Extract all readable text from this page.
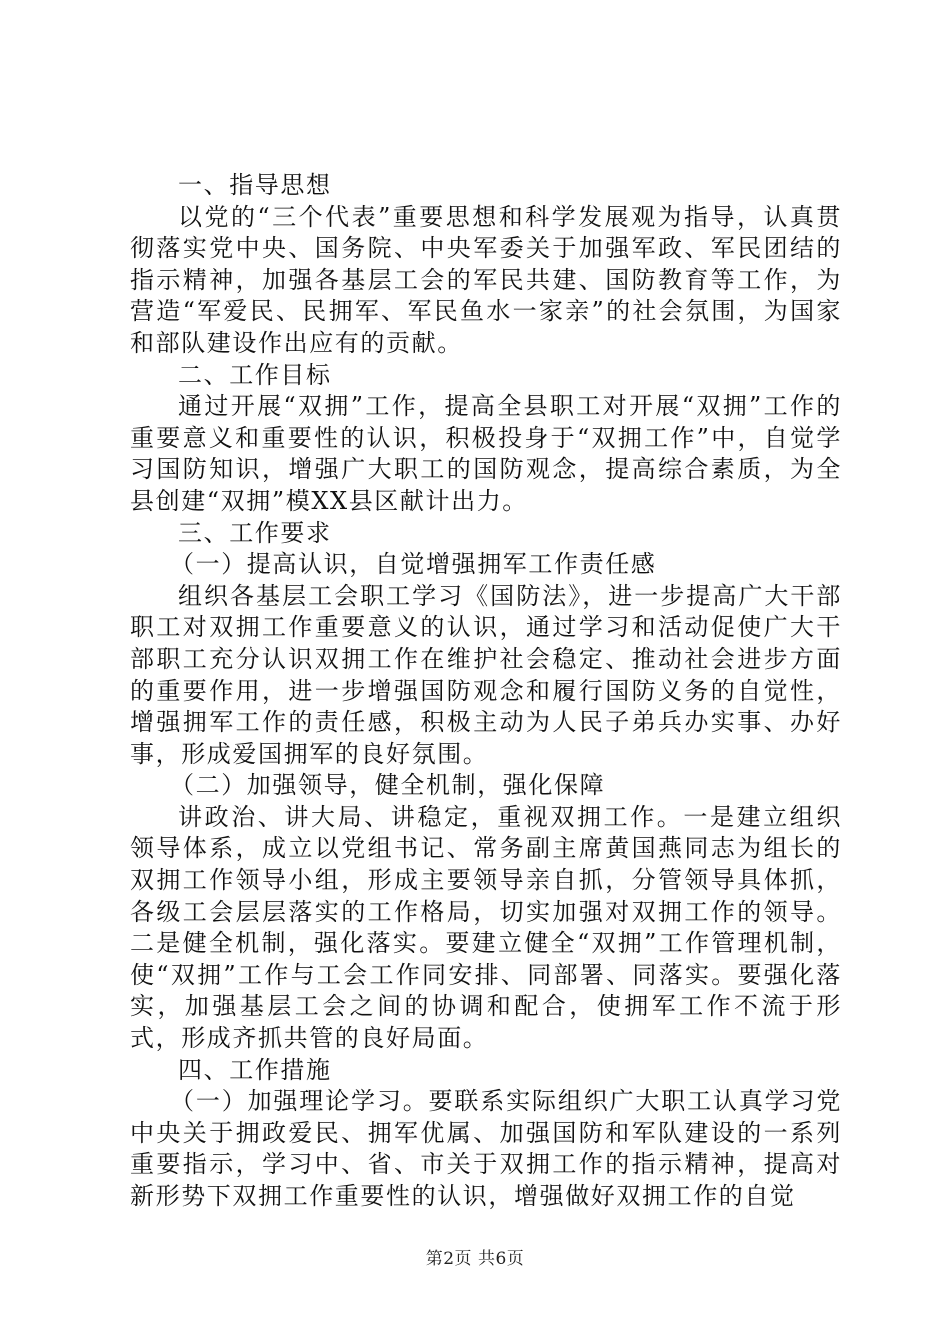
一、指导思想

以党的“三个代表”重要思想和科学发展观为指导，认真贯彻落实党中央、国务院、中央军委关于加强军政、军民团结的指示精神，加强各基层工会的军民共建、国防教育等工作，为营造“军爱民、民拥军、军民鱼水一家亲”的社会氛围，为国家和部队建设作出应有的贡献。

二、工作目标

通过开展“双拥”工作，提高全县职工对开展“双拥”工作的重要意义和重要性的认识，积极投身于“双拥工作”中，自觉学习国防知识，增强广大职工的国防观念，提高综合素质，为全县创建“双拥”模XX县区献计出力。

三、工作要求

（一）提高认识，自觉增强拥军工作责任感

组织各基层工会职工学习《国防法》，进一步提高广大干部职工对双拥工作重要意义的认识，通过学习和活动促使广大干部职工充分认识双拥工作在维护社会稳定、推动社会进步方面的重要作用，进一步增强国防观念和履行国防义务的自觉性，增强拥军工作的责任感，积极主动为人民子弟兵办实事、办好事，形成爱国拥军的良好氛围。

（二）加强领导，健全机制，强化保障

讲政治、讲大局、讲稳定，重视双拥工作。一是建立组织领导体系，成立以党组书记、常务副主席黄国燕同志为组长的双拥工作领导小组，形成主要领导亲自抓，分管领导具体抓，各级工会层层落实的工作格局，切实加强对双拥工作的领导。二是健全机制，强化落实。要建立健全“双拥”工作管理机制，使“双拥”工作与工会工作同安排、同部署、同落实。要强化落实，加强基层工会之间的协调和配合，使拥军工作不流于形式，形成齐抓共管的良好局面。

四、工作措施

（一）加强理论学习。要联系实际组织广大职工认真学习党中央关于拥政爱民、拥军优属、加强国防和军队建设的一系列重要指示，学习中、省、市关于双拥工作的指示精神，提高对新形势下双拥工作重要性的认识，增强做好双拥工作的自觉

第2页 共6页
